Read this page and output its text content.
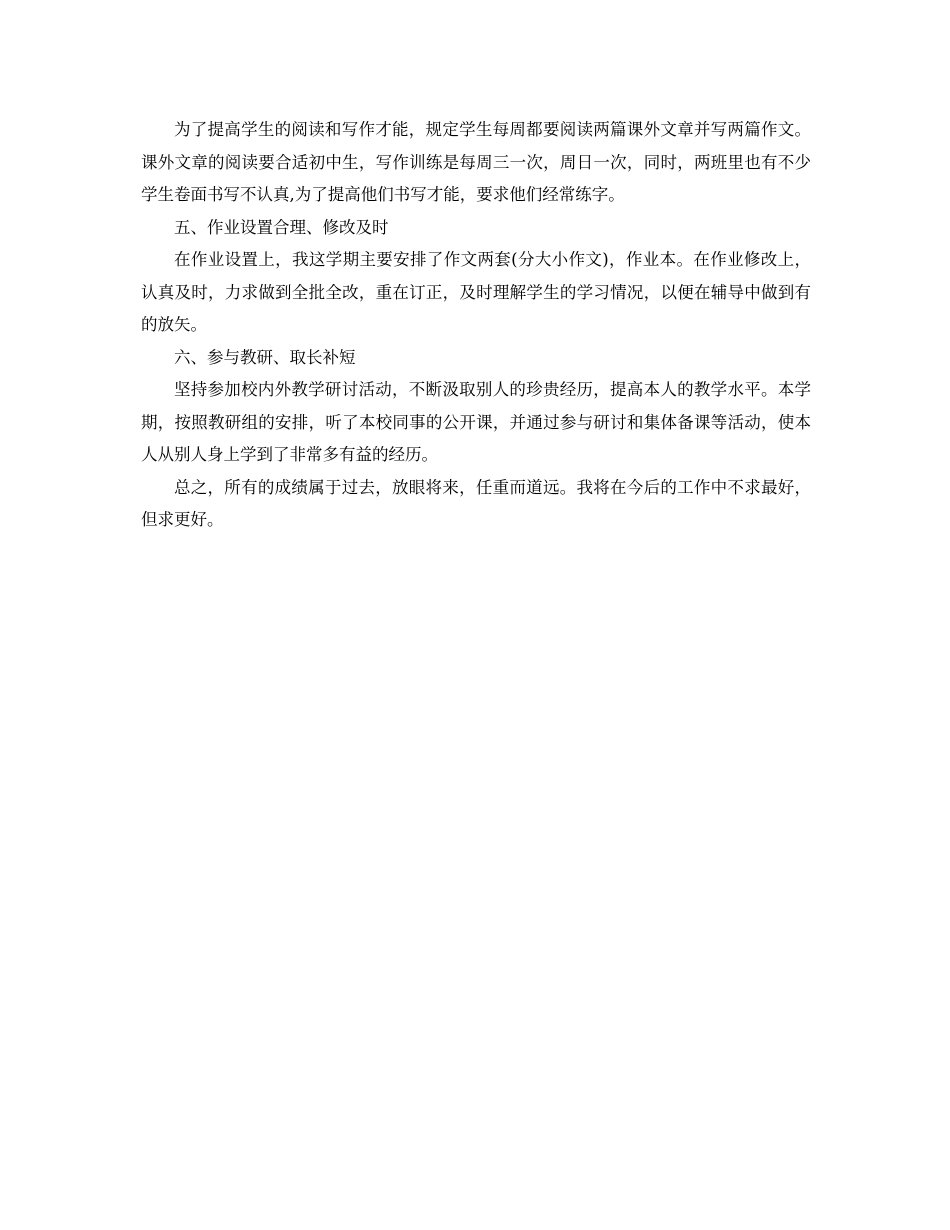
为了提高学生的阅读和写作才能，规定学生每周都要阅读两篇课外文章并写两篇作文。课外文章的阅读要合适初中生，写作训练是每周三一次，周日一次，同时，两班里也有不少学生卷面书写不认真,为了提高他们书写才能，要求他们经常练字。

五、作业设置合理、修改及时

在作业设置上，我这学期主要安排了作文两套(分大小作文)，作业本。在作业修改上，认真及时，力求做到全批全改，重在订正，及时理解学生的学习情况，以便在辅导中做到有的放矢。

六、参与教研、取长补短

坚持参加校内外教学研讨活动，不断汲取别人的珍贵经历，提高本人的教学水平。本学期，按照教研组的安排，听了本校同事的公开课，并通过参与研讨和集体备课等活动，使本人从别人身上学到了非常多有益的经历。

总之，所有的成绩属于过去，放眼将来，任重而道远。我将在今后的工作中不求最好，但求更好。
